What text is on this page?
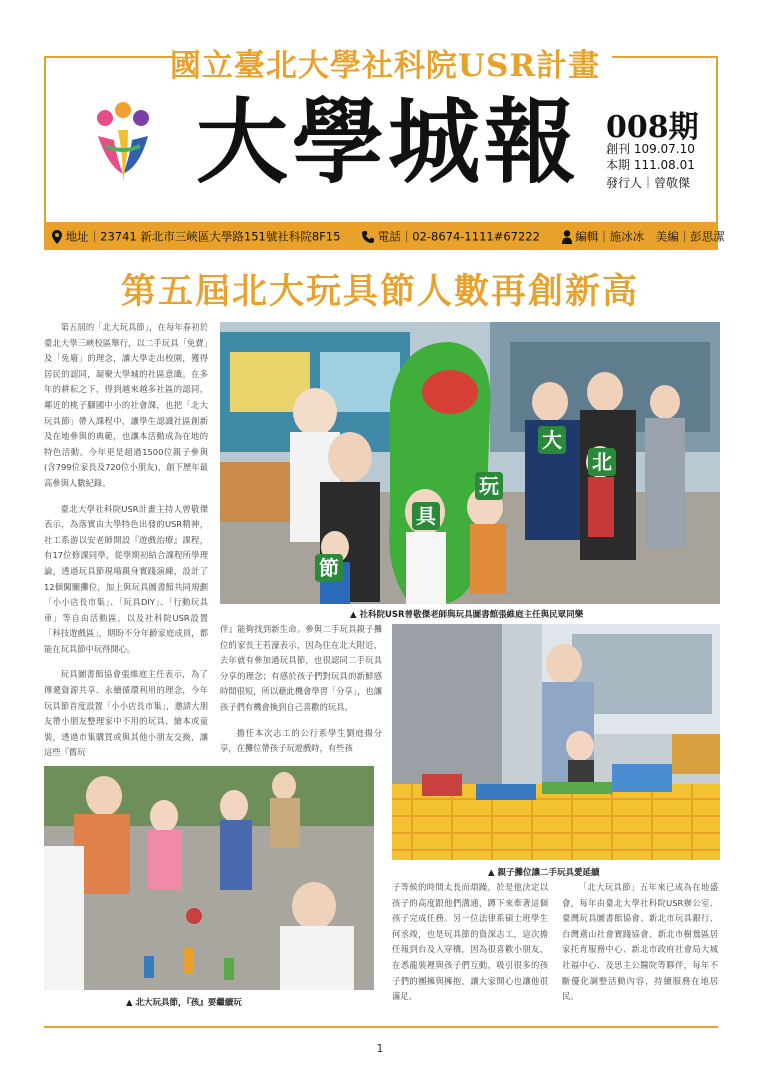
國立臺北大學社科院USR計畫
大學城報 008期
創刊 109.07.10
本期 111.08.01
發行人｜曾敬傑
地址｜23741 新北市三峽區大學路151號社科院8F15	電話｜02-8674-1111#67222	編輯｜施冰冰　美編｜彭思潔
第五屆北大玩具節人數再創新高

第五屆的「北大玩具節」，在每年春初於臺北大學三峽校區舉行，以二手玩具「免費」及「免廢」的理念，讓大學走出校園，獲得居民的認同，凝聚大學城的社區意識。在多年的耕耘之下，得到越來越多社區的認同，鄰近的桃子腳國中小的社會課，也把「北大玩具節」帶入課程中，讓學生認識社區創新及在地參與的典範，也讓本活動成為在地的特色活動。今年更是超過1500位親子參與(含799位家長及720位小朋友)，創下歷年最高參與人數紀錄。

臺北大學社科院USR計畫主持人曾敬傑表示，為落實由大學特色出發的USR精神，社工系游以安老師開設『遊戲治療』課程，有17位修課同學，從學期初結合課程所學理論，透過玩具節現場親身實踐演練，設計了12個闖關攤位，加上與玩具圖書館共同規劃「小小店長市集」、「玩具DIY」、「行動玩具車」等自由活動區，以及社科院USR設置「科技遊戲區」，期盼不分年齡家庭成員，都能在玩具節中玩得開心。

玩具圖書館協會張維庭主任表示，為了傳遞資源共享、永續循環利用的理念，今年玩具節首度設置「小小店長市集」，邀請大朋友帶小朋友整理家中不用的玩具、繪本或童裝，透過市集購買或與其他小朋友交換，讓這些『舊玩

節
具
玩
大
北
▲ 社科院USR曾敬傑老師與玩具圖書館張維庭主任與民眾同樂

伴』能夠找到新生命。參與二手玩具親子攤位的家長王若濠表示，因為住在北大附近，去年就有參加過玩具節，也很認同二手玩具分享的理念；有感於孩子們對玩具的新鮮感時間很短，所以藉此機會學習「分享」，也讓孩子們有機會換到自己喜歡的玩具。

擔任本次志工的公行系學生劉庭揚分享，在攤位帶孩子玩遊戲時，有些孩

▲ 親子攤位讓二手玩具愛延續
▲ 北大玩具節，『孩』要繼續玩

子等候的時間太長而煩躁，於是他決定以孩子的高度跟他們溝通，蹲下來牽著這個孩子完成任務。另一位法律系碩士班學生何丞竣，也是玩具節的資深志工，這次擔任報到台及入穿構，因為很喜歡小朋友，在悉龍裝裡與孩子們互動，吸引很多的孩子們的團擁與擁抱，讓大家開心也讓他很滿足。

「北大玩具節」五年來已成為在地盛會，每年由臺北大學社科院USR辦公室、臺灣玩具圖書館協會、新北市玩具銀行、台灣鳶山社會實踐協會、新北市樹鶯區居家托育服務中心、新北市政府社會局大城社福中心、及思主公醫院等夥伴，每年不斷優化調整活動內容，持續服務在地居民。

1
